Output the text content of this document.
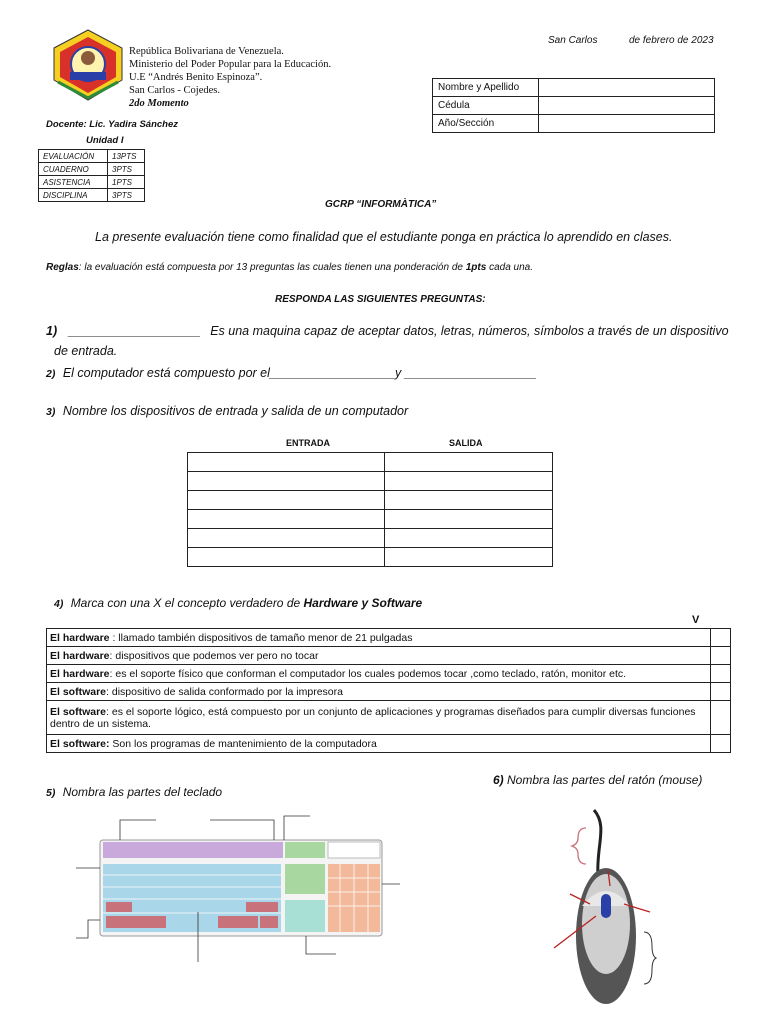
República Bolivariana de Venezuela.
Ministerio del Poder Popular para la Educación.
U.E “Andrés Benito Espinoza”.
San Carlos - Cojedes.
2do Momento
San Carlos	de febrero de 2023
Docente: Lic. Yadira Sánchez
Unidad I
Nombre y Apellido	
Cédula	
Año/Sección	
EVALUACIÓN	13PTS
CUADERNO	3PTS
ASISTENCIA	1PTS
DISCIPLINA	3PTS
GCRP “INFORMÀTICA”
La presente evaluación tiene como finalidad que el estudiante ponga en práctica lo aprendido en clases.
Reglas: la evaluación está compuesta por 13 preguntas las cuales tienen una ponderación de 1pts cada una.
RESPONDA LAS SIGUIENTES PREGUNTAS:
1) ___________________ Es una maquina capaz de aceptar datos, letras, números, símbolos a través de un dispositivo
de entrada.
2) El computador está compuesto por el__________________y ___________________
3) Nombre los dispositivos de entrada y salida de un computador
ENTRADA	SALIDA

4) Marca con una X el concepto verdadero de Hardware y Software
V
El hardware : llamado también dispositivos de tamaño menor de 21 pulgadas	
El hardware: dispositivos que podemos ver pero no tocar	
El hardware: es el soporte físico que conforman el computador los cuales podemos tocar ,como teclado, ratón, monitor etc.	
El software: dispositivo de salida conformado por la impresora	
El software: es el soporte lógico, está compuesto por un conjunto de aplicaciones y programas diseñados para cumplir diversas funciones dentro de un sistema.	
El software: Son los programas de mantenimiento de la computadora	
5) Nombra las partes del teclado
6) Nombra las partes del ratón (mouse)
